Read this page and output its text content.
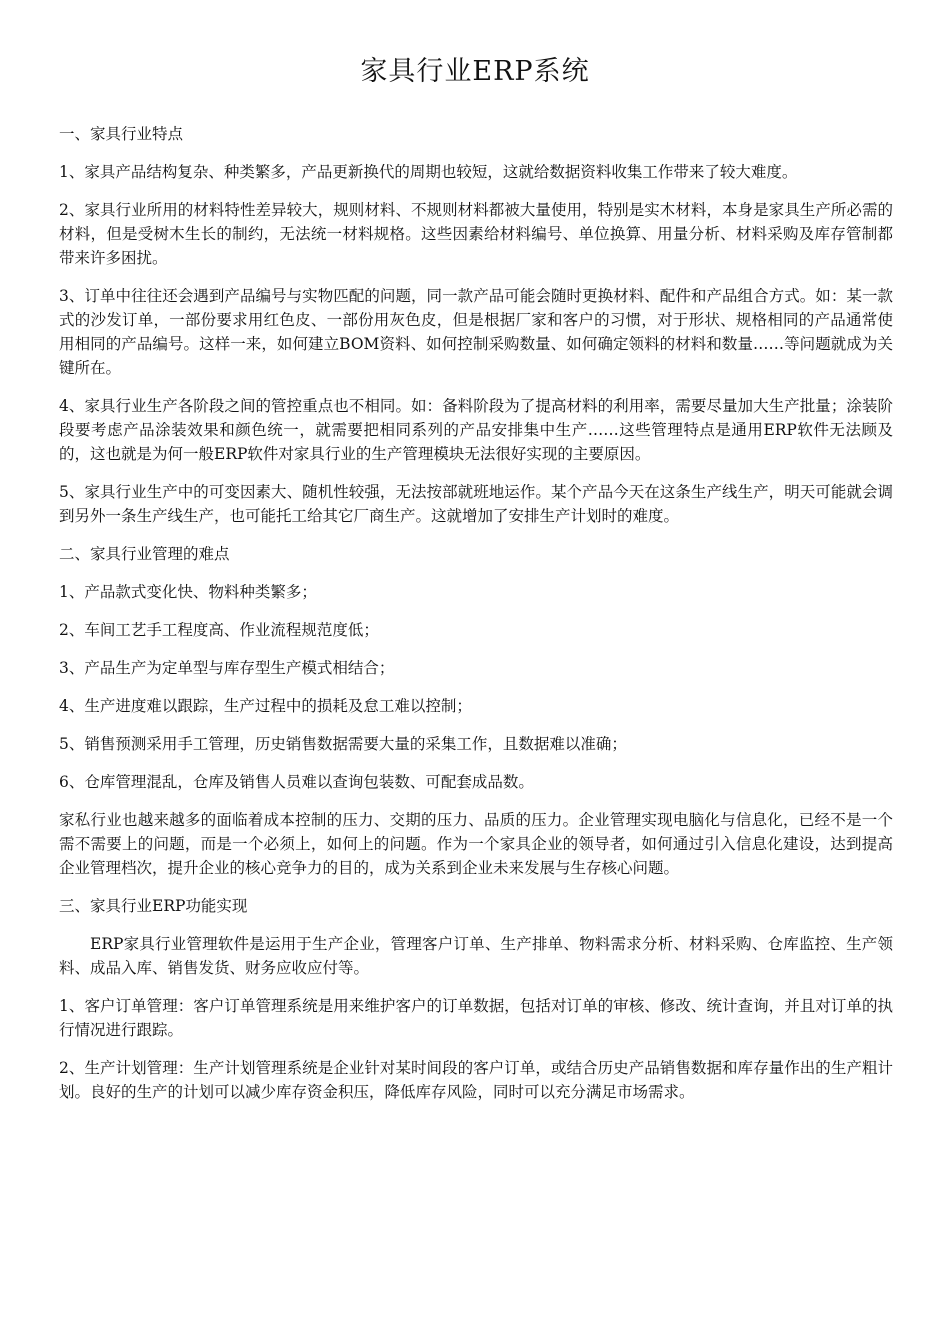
家具行业ERP系统
一、家具行业特点

1、家具产品结构复杂、种类繁多，产品更新换代的周期也较短，这就给数据资料收集工作带来了较大难度。

2、家具行业所用的材料特性差异较大，规则材料、不规则材料都被大量使用，特别是实木材料，本身是家具生产所必需的材料，但是受树木生长的制约，无法统一材料规格。这些因素给材料编号、单位换算、用量分析、材料采购及库存管制都带来许多困扰。

3、订单中往往还会遇到产品编号与实物匹配的问题，同一款产品可能会随时更换材料、配件和产品组合方式。如：某一款式的沙发订单，一部份要求用红色皮、一部份用灰色皮，但是根据厂家和客户的习惯，对于形状、规格相同的产品通常使用相同的产品编号。这样一来，如何建立BOM资料、如何控制采购数量、如何确定领料的材料和数量……等问题就成为关键所在。

4、家具行业生产各阶段之间的管控重点也不相同。如：备料阶段为了提高材料的利用率，需要尽量加大生产批量；涂装阶段要考虑产品涂装效果和颜色统一，就需要把相同系列的产品安排集中生产……这些管理特点是通用ERP软件无法顾及的，这也就是为何一般ERP软件对家具行业的生产管理模块无法很好实现的主要原因。

5、家具行业生产中的可变因素大、随机性较强，无法按部就班地运作。某个产品今天在这条生产线生产，明天可能就会调到另外一条生产线生产，也可能托工给其它厂商生产。这就增加了安排生产计划时的难度。

二、家具行业管理的难点

1、产品款式变化快、物料种类繁多；

2、车间工艺手工程度高、作业流程规范度低；

3、产品生产为定单型与库存型生产模式相结合；

4、生产进度难以跟踪，生产过程中的损耗及怠工难以控制；

5、销售预测采用手工管理，历史销售数据需要大量的采集工作，且数据难以准确；

6、仓库管理混乱，仓库及销售人员难以查询包装数、可配套成品数。

家私行业也越来越多的面临着成本控制的压力、交期的压力、品质的压力。企业管理实现电脑化与信息化，已经不是一个需不需要上的问题，而是一个必须上，如何上的问题。作为一个家具企业的领导者，如何通过引入信息化建设，达到提高企业管理档次，提升企业的核心竞争力的目的，成为关系到企业未来发展与生存核心问题。

三、家具行业ERP功能实现

ERP家具行业管理软件是运用于生产企业，管理客户订单、生产排单、物料需求分析、材料采购、仓库监控、生产领料、成品入库、销售发货、财务应收应付等。

1、客户订单管理：客户订单管理系统是用来维护客户的订单数据，包括对订单的审核、修改、统计查询，并且对订单的执行情况进行跟踪。

2、生产计划管理：生产计划管理系统是企业针对某时间段的客户订单，或结合历史产品销售数据和库存量作出的生产粗计划。良好的生产的计划可以减少库存资金积压，降低库存风险，同时可以充分满足市场需求。
